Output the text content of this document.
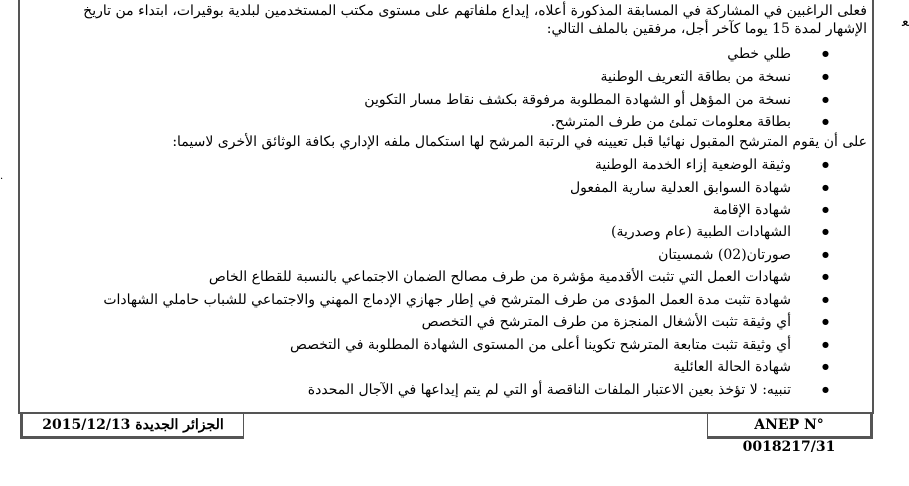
ﻌ
·
فعلى الراغبين في المشاركة في المسابقة المذكورة أعلاه، إيداع ملفاتهم على مستوى مكتب المستخدمين لبلدية بوقيرات، ابتداء من تاريخ الإشهار لمدة 15 يوما كآخر أجل، مرفقين بالملف التالي:
طلي خطي ●
نسخة من بطاقة التعريف الوطنية ●
نسخة من المؤهل أو الشهادة المطلوبة مرفوقة بكشف نقاط مسار التكوين ●
بطاقة معلومات تملئ من طرف المترشح. ●
على أن يقوم المترشح المقبول نهائيا قبل تعيينه في الرتبة المرشح لها استكمال ملفه الإداري بكافة الوثائق الأخرى لاسيما:
وثيقة الوضعية إزاء الخدمة الوطنية ●
شهادة السوابق العدلية سارية المفعول ●
شهادة الإقامة ●
الشهادات الطبية (عام وصدرية) ●
صورتان(02) شمسيتان ●
شهادات العمل التي تثبت الأقدمية مؤشرة من طرف مصالح الضمان الاجتماعي بالنسبة للقطاع الخاص ●
شهادة تثبت مدة العمل المؤدى من طرف المترشح في إطار جهازي الإدماج المهني والاجتماعي للشباب حاملي الشهادات ●
أي وثيقة تثبت الأشغال المنجزة من طرف المترشح في التخصص ●
أي وثيقة تثبت متابعة المترشح تكوينا أعلى من المستوى الشهادة المطلوبة في التخصص ●
شهادة الحالة العائلية ●
تنبيه: لا تؤخذ بعين الاعتبار الملفات الناقصة أو التي لم يتم إيداعها في الآجال المحددة ●
الجزائر الجديدة 2015/12/13	ANEP N° 0018217/31
